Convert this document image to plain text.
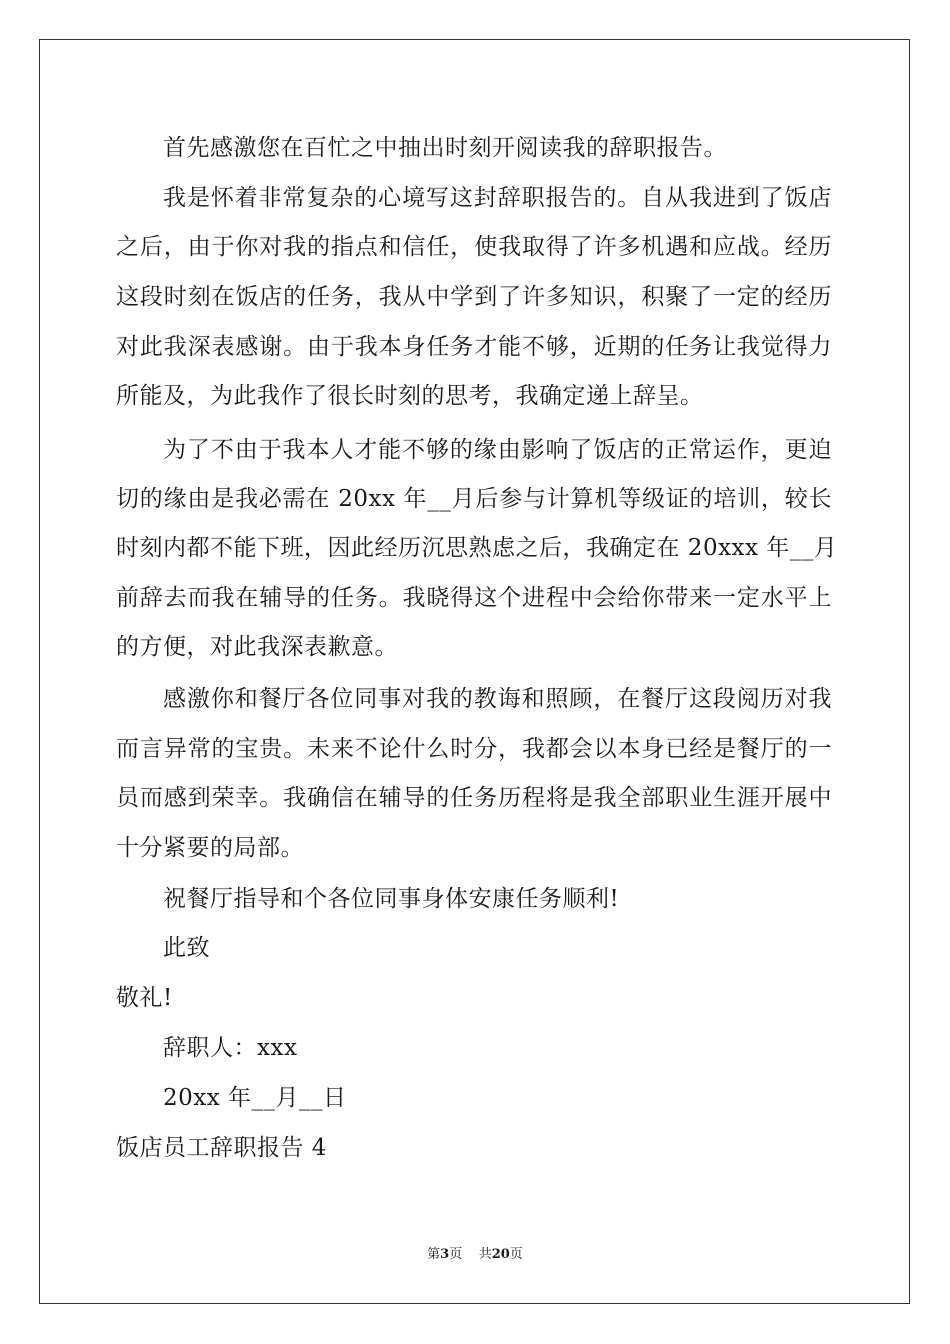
首先感激您在百忙之中抽出时刻开阅读我的辞职报告。
我是怀着非常复杂的心境写这封辞职报告的。自从我进到了饭店
之后，由于你对我的指点和信任，使我取得了许多机遇和应战。经历
这段时刻在饭店的任务，我从中学到了许多知识，积聚了一定的经历
对此我深表感谢。由于我本身任务才能不够，近期的任务让我觉得力
所能及，为此我作了很长时刻的思考，我确定递上辞呈。
为了不由于我本人才能不够的缘由影响了饭店的正常运作，更迫
切的缘由是我必需在 20xx 年__月后参与计算机等级证的培训，较长
时刻内都不能下班，因此经历沉思熟虑之后，我确定在 20xxx 年__月
前辞去而我在辅导的任务。我晓得这个进程中会给你带来一定水平上
的方便，对此我深表歉意。
感激你和餐厅各位同事对我的教诲和照顾，在餐厅这段阅历对我
而言异常的宝贵。未来不论什么时分，我都会以本身已经是餐厅的一
员而感到荣幸。我确信在辅导的任务历程将是我全部职业生涯开展中
十分紧要的局部。
祝餐厅指导和个各位同事身体安康任务顺利!
此致
敬礼!
辞职人：xxx
20xx 年__月__日
饭店员工辞职报告 4
第3页 共20页
